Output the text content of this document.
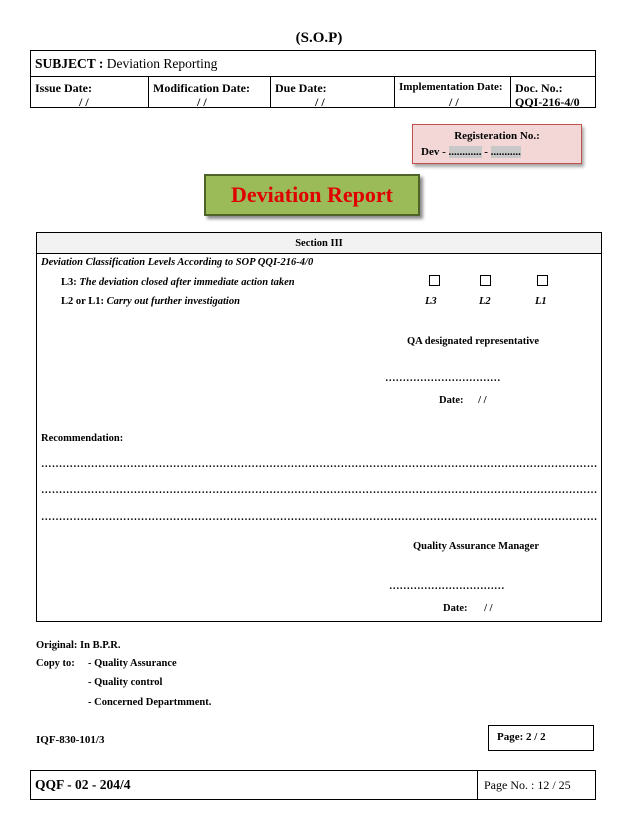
(S.O.P)
SUBJECT : Deviation Reporting
Issue Date:
/ /
Modification Date:
/ /
Due Date:
/ /
Implementation Date:
/ /
Doc. No.:
QQI-216-4/0
Registeration No.:
Dev - ............ - ...........
Deviation Report
Section III
Deviation Classification Levels According to SOP QQI-216-4/0
L3: The deviation closed after immediate action taken
L2 or L1: Carry out further investigation	L3	L2	L1
QA designated representative
……………………………
Date: / /
Recommendation:
…………………………………………………………………………………………………………………………………………
…………………………………………………………………………………………………………………………………………
…………………………………………………………………………………………………………………………………………
Quality Assurance Manager
……………………………
Date: / /
Original: In B.P.R.
Copy to: - Quality Assurance
- Quality control
- Concerned Departmment.
IQF-830-101/3	Page: 2 / 2
QQF - 02 - 204/4	Page No. : 12 / 25
